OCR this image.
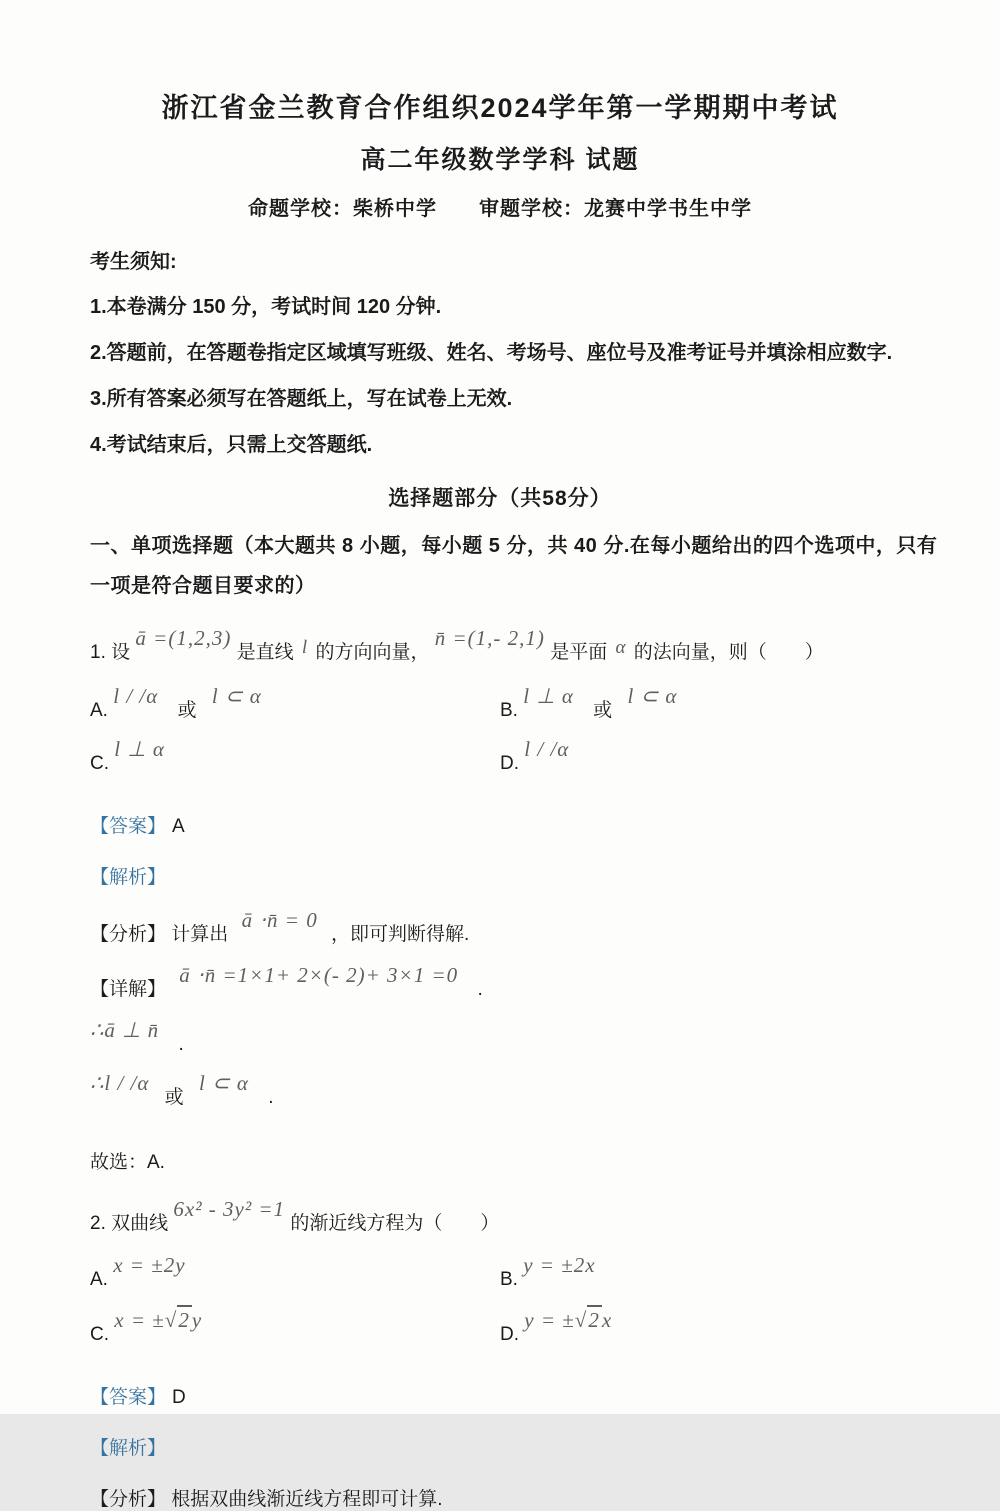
浙江省金兰教育合作组织2024学年第一学期期中考试
高二年级数学学科 试题
命题学校：柴桥中学　　审题学校：龙赛中学书生中学
考生须知:
1.本卷满分 150 分，考试时间 120 分钟.
2.答题前，在答题卷指定区域填写班级、姓名、考场号、座位号及准考证号并填涂相应数字.
3.所有答案必须写在答题纸上，写在试卷上无效.
4.考试结束后，只需上交答题纸.
选择题部分（共58分）
一、单项选择题（本大题共 8 小题，每小题 5 分，共 40 分.在每小题给出的四个选项中，只有
一项是符合题目要求的）
1. 设 ā =(1,2,3) 是直线 l 的方向向量， n̄ =(1,- 2,1) 是平面 α 的法向量，则（　　）
A. l / /α 或 l ⊂ α
B. l ⊥ α 或 l ⊂ α
C. l ⊥ α
D. l / /α
【答案】 A
【解析】
【分析】 计算出 ā ⋅n̄ = 0 ，即可判断得解.
【详解】 ā ⋅n̄ =1×1+ 2×(- 2)+ 3×1 =0 .
∴ā ⊥ n̄ .
∴l / /α 或 l ⊂ α .
故选：A.
2. 双曲线 6x² - 3y² =1 的渐近线方程为（　　）
A. x = ±2y
B. y = ±2x
C. x = ±√2y
D. y = ±√2x
【答案】 D
【解析】
【分析】 根据双曲线渐近线方程即可计算.
